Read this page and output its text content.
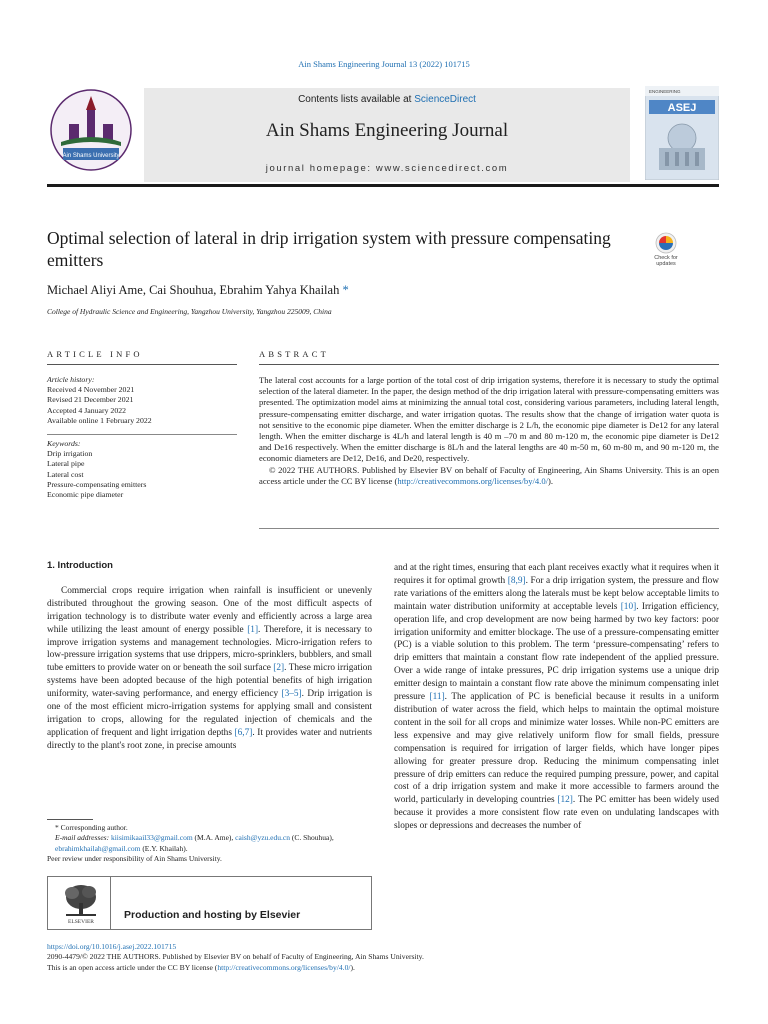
Ain Shams Engineering Journal 13 (2022) 101715
Ain Shams University
Contents lists available at ScienceDirect
Ain Shams Engineering Journal
journal homepage: www.sciencedirect.com
ENGINEERING
ASEJ
Optimal selection of lateral in drip irrigation system with pressure compensating emitters	Check for
updates
Michael Aliyi Ame, Cai Shouhua, Ebrahim Yahya Khailah *
College of Hydraulic Science and Engineering, Yangzhou University, Yangzhou 225009, China
ARTICLE INFO	ABSTRACT
Article history:
Received 4 November 2021
Revised 21 December 2021
Accepted 4 January 2022
Available online 1 February 2022
Keywords:
Drip irrigation
Lateral pipe
Lateral cost
Pressure-compensating emitters
Economic pipe diameter

The lateral cost accounts for a large portion of the total cost of drip irrigation systems, therefore it is necessary to study the optimal selection of the lateral diameter. In the paper, the design method of the drip irrigation lateral with pressure-compensating emitters was presented. The optimization model aims at minimizing the annual total cost, considering various parameters, including lateral length, pressure-compensating emitter discharge, and water irrigation quotas. The results show that the change of irrigation water quota is not sensitive to the economic pipe diameter. When the emitter discharge is 2 L/h, the economic pipe diameter is De12 for any lateral length. When the emitter discharge is 4L/h and lateral length is 40 m –70 m and 80 m-120 m, the economic pipe diameter is De12 and De16 respectively. When the emitter discharge is 8L/h and the lateral lengths are 40 m-50 m, 60 m-80 m, and 90 m-120 m, the economic diameters are De12, De16, and De20, respectively.

© 2022 THE AUTHORS. Published by Elsevier BV on behalf of Faculty of Engineering, Ain Shams University. This is an open access article under the CC BY license (http://creativecommons.org/licenses/by/4.0/).

1. Introduction

Commercial crops require irrigation when rainfall is insufficient or unevenly distributed throughout the growing season. One of the most difficult aspects of irrigation technology is to distribute water evenly and efficiently across a large area while utilizing the least amount of energy possible [1]. Therefore, it is necessary to improve irrigation systems and management technologies. Micro-irrigation refers to low-pressure irrigation systems that use drippers, micro-sprinklers, bubblers, and small tube emitters to provide water on or beneath the soil surface [2]. These micro irrigation systems have been adopted because of the high potential benefits of high irrigation uniformity, water-saving performance, and energy efficiency [3–5]. Drip irrigation is one of the most efficient micro-irrigation systems for applying small and consistent irrigation to crops, allowing for the regulated injection of chemicals and the application of frequent and light irrigation depths [6,7]. It provides water and nutrients directly to the plant's root zone, in precise amounts

and at the right times, ensuring that each plant receives exactly what it requires when it requires it for optimal growth [8,9]. For a drip irrigation system, the pressure and flow rate variations of the emitters along the laterals must be kept below acceptable limits to maintain water distribution uniformity at acceptable levels [10]. Irrigation efficiency, operation life, and crop development are now being harmed by two key factors: poor irrigation uniformity and emitter blockage. The use of a pressure-compensating emitter (PC) is a viable solution to this problem. The term ‘pressure-compensating’ refers to drip emitters that maintain a constant flow rate independent of the applied pressure. Over a wide range of intake pressures, PC drip irrigation systems use a unique drip emitter design to maintain a constant flow rate above the minimum compensating inlet pressure [11]. The application of PC is beneficial because it results in a uniform distribution of water across the field, which helps to maintain the optimal moisture content in the soil for all crops and minimize water losses. While non-PC emitters are less expensive and may give relatively uniform flow for small fields, pressure compensation is required for irrigation of larger fields, which have longer pipes allowing for greater pressure drop. Reducing the minimum compensating inlet pressure of drip emitters can reduce the required pumping pressure, power, and capital cost of a drip irrigation system and make it more accessible to farmers around the world, particularly in developing countries [12]. The PC emitter has been widely used because it provides a more consistent flow rate even on undulating landscapes with slopes or depressions and decreases the number of

* Corresponding author.
E-mail addresses: kiisimikaail33@gmail.com (M.A. Ame), caish@yzu.edu.cn (C. Shouhua), ebrahimkhailah@gmail.com (E.Y. Khailah).
Peer review under responsibility of Ain Shams University.
ELSEVIER
Production and hosting by Elsevier
https://doi.org/10.1016/j.asej.2022.101715
2090-4479/© 2022 THE AUTHORS. Published by Elsevier BV on behalf of Faculty of Engineering, Ain Shams University.
This is an open access article under the CC BY license (http://creativecommons.org/licenses/by/4.0/).
